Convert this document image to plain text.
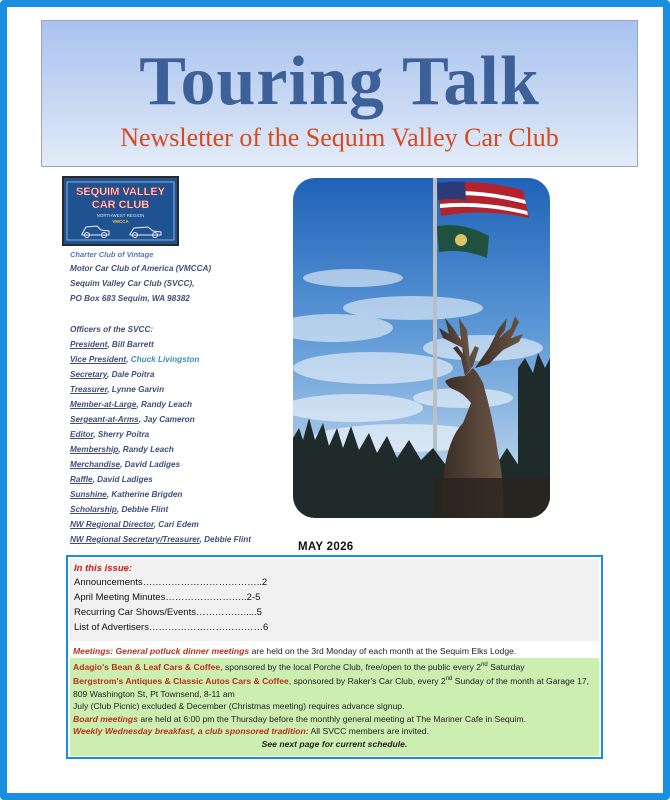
Touring Talk
Newsletter of the Sequim Valley Car Club
SEQUIM VALLEY
CAR CLUB
NORTHWEST REGION
VMCCA
Charter Club of Vintage
Motor Car Club of America (VMCCA)
Sequim Valley Car Club (SVCC),
PO Box 683 Sequim, WA 98382
Officers of the SVCC:
President, Bill Barrett
Vice President, Chuck Livingston
Secretary, Dale Poitra
Treasurer, Lynne Garvin
Member-at-Large, Randy Leach
Sergeant-at-Arms, Jay Cameron
Editor, Sherry Poitra
Membership, Randy Leach
Merchandise, David Ladiges
Raffle, David Ladiges
Sunshine, Katherine Brigden
Scholarship, Debbie Flint
NW Regional Director, Cari Edem
NW Regional Secretary/Treasurer, Debbie Flint
MAY 2026
In this issue:
Announcements………………………………..2
April Meeting Minutes……………………..2-5
Recurring Car Shows/Events…………….....5
List of Advertisers………………………………6
Meetings: General potluck dinner meetings are held on the 3rd Monday of each month at the Sequim Elks Lodge.
Adagio's Bean & Leaf Cars & Coffee, sponsored by the local Porche Club, free/open to the public every 2nd Saturday
Bergstrom's Antiques & Classic Autos Cars & Coffee, sponsored by Raker's Car Club, every 2nd Sunday of the month at Garage 17, 809 Washington St, Pt Townsend, 8-11 am
July (Club Picnic) excluded & December (Christmas meeting) requires advance signup.
Board meetings are held at 6:00 pm the Thursday before the monthly general meeting at The Mariner Cafe in Sequim.
Weekly Wednesday breakfast, a club sponsored tradition: All SVCC members are invited.
See next page for current schedule.
